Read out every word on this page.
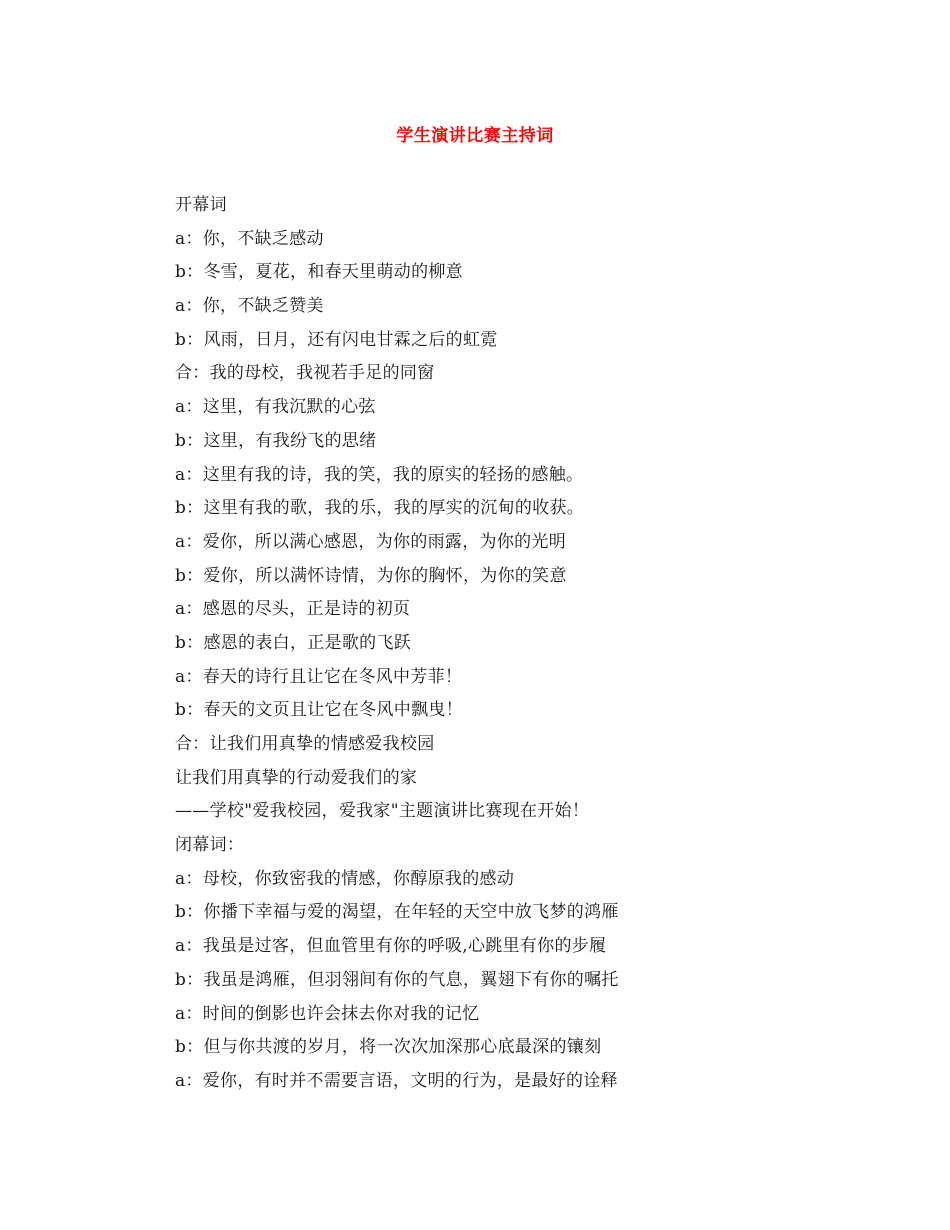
学生演讲比赛主持词
开幕词
a：你，不缺乏感动
b：冬雪，夏花，和春天里萌动的柳意
a：你，不缺乏赞美
b：风雨，日月，还有闪电甘霖之后的虹霓
合：我的母校，我视若手足的同窗
a：这里，有我沉默的心弦
b：这里，有我纷飞的思绪
a：这里有我的诗，我的笑，我的原实的轻扬的感触。
b：这里有我的歌，我的乐，我的厚实的沉甸的收获。
a：爱你，所以满心感恩，为你的雨露，为你的光明
b：爱你，所以满怀诗情，为你的胸怀，为你的笑意
a：感恩的尽头，正是诗的初页
b：感恩的表白，正是歌的飞跃
a：春天的诗行且让它在冬风中芳菲！
b：春天的文页且让它在冬风中飘曳！
合：让我们用真挚的情感爱我校园
让我们用真挚的行动爱我们的家
——学校"爱我校园，爱我家"主题演讲比赛现在开始！
闭幕词：
a：母校，你致密我的情感，你醇原我的感动
b：你播下幸福与爱的渴望，在年轻的天空中放飞梦的鸿雁
a：我虽是过客，但血管里有你的呼吸,心跳里有你的步履
b：我虽是鸿雁，但羽翎间有你的气息，翼翅下有你的嘱托
a：时间的倒影也许会抹去你对我的记忆
b：但与你共渡的岁月，将一次次加深那心底最深的镶刻
a：爱你，有时并不需要言语，文明的行为，是最好的诠释
